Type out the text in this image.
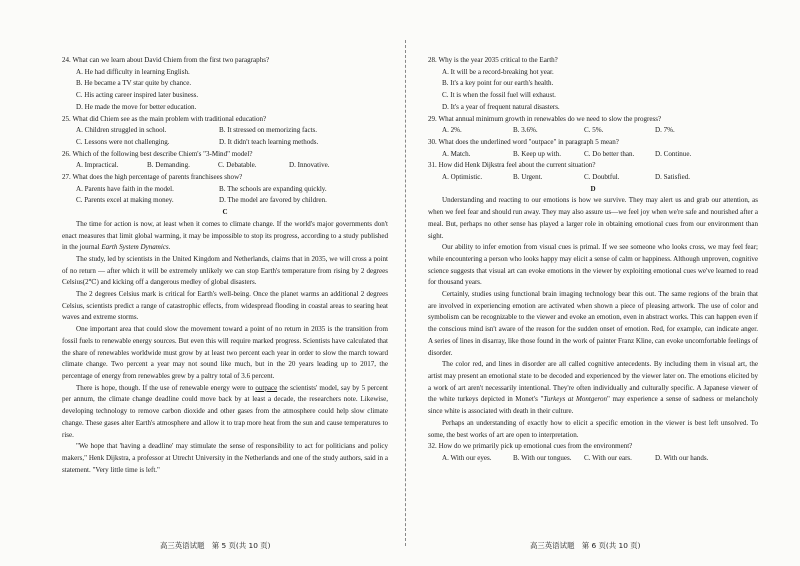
24. What can we learn about David Chiem from the first two paragraphs?

A. He had difficulty in learning English.

B. He became a TV star quite by chance.

C. His acting career inspired later business.

D. He made the move for better education.

25. What did Chiem see as the main problem with traditional education?

A. Children struggled in school.	B. It stressed on memorizing facts.
C. Lessons were not challenging.	D. It didn't teach learning methods.

26. Which of the following best describe Chiem's "3-Mind" model?

A. Impractical.	B. Demanding.	C. Debatable.	D. Innovative.

27. What does the high percentage of parents franchisees show?

A. Parents have faith in the model.	B. The schools are expanding quickly.
C. Parents excel at making money.	D. The model are favored by children.

C

The time for action is now, at least when it comes to climate change. If the world's major governments don't enact measures that limit global warming, it may be impossible to stop its progress, according to a study published in the journal Earth System Dynamics.

The study, led by scientists in the United Kingdom and Netherlands, claims that in 2035, we will cross a point of no return — after which it will be extremely unlikely we can stop Earth's temperature from rising by 2 degrees Celsius(2℃) and kicking off a dangerous medley of global disasters.

The 2 degrees Celsius mark is critical for Earth's well-being. Once the planet warms an additional 2 degrees Celsius, scientists predict a range of catastrophic effects, from widespread flooding in coastal areas to searing heat waves and extreme storms.

One important area that could slow the movement toward a point of no return in 2035 is the transition from fossil fuels to renewable energy sources. But even this will require marked progress. Scientists have calculated that the share of renewables worldwide must grow by at least two percent each year in order to slow the march toward climate change. Two percent a year may not sound like much, but in the 20 years leading up to 2017, the percentage of energy from renewables grew by a paltry total of 3.6 percent.

There is hope, though. If the use of renewable energy were to outpace the scientists' model, say by 5 percent per annum, the climate change deadline could move back by at least a decade, the researchers note. Likewise, developing technology to remove carbon dioxide and other gases from the atmosphere could help slow climate change. These gases alter Earth's atmosphere and allow it to trap more heat from the sun and cause temperatures to rise.

"We hope that 'having a deadline' may stimulate the sense of responsibility to act for politicians and policy makers," Henk Dijkstra, a professor at Utrecht University in the Netherlands and one of the study authors, said in a statement. "Very little time is left."

28. Why is the year 2035 critical to the Earth?

A. It will be a record-breaking hot year.

B. It's a key point for our earth's health.

C. It is when the fossil fuel will exhaust.

D. It's a year of frequent natural disasters.

29. What annual minimum growth in renewables do we need to slow the progress?

A. 2%.	B. 3.6%.	C. 5%.	D. 7%.

30. What does the underlined word "outpace" in paragraph 5 mean?

A. Match.	B. Keep up with.	C. Do better than.	D. Continue.

31. How did Henk Dijkstra feel about the current situation?

A. Optimistic.	B. Urgent.	C. Doubtful.	D. Satisfied.

D

Understanding and reacting to our emotions is how we survive. They may alert us and grab our attention, as when we feel fear and should run away. They may also assure us—we feel joy when we're safe and nourished after a meal. But, perhaps no other sense has played a larger role in obtaining emotional cues from our environment than sight.

Our ability to infer emotion from visual cues is primal. If we see someone who looks cross, we may feel fear; while encountering a person who looks happy may elicit a sense of calm or happiness. Although unproven, cognitive science suggests that visual art can evoke emotions in the viewer by exploiting emotional cues we've learned to read for thousand years.

Certainly, studies using functional brain imaging technology bear this out. The same regions of the brain that are involved in experiencing emotion are activated when shown a piece of pleasing artwork. The use of color and symbolism can be recognizable to the viewer and evoke an emotion, even in abstract works. This can happen even if the conscious mind isn't aware of the reason for the sudden onset of emotion. Red, for example, can indicate anger. A series of lines in disarray, like those found in the work of painter Franz Kline, can evoke uncomfortable feelings of disorder.

The color red, and lines in disorder are all called cognitive antecedents. By including them in visual art, the artist may present an emotional state to be decoded and experienced by the viewer later on. The emotions elicited by a work of art aren't necessarily intentional. They're often individually and culturally specific. A Japanese viewer of the white turkeys depicted in Monet's "Turkeys at Montgeron" may experience a sense of sadness or melancholy since white is associated with death in their culture.

Perhaps an understanding of exactly how to elicit a specific emotion in the viewer is best left unsolved. To some, the best works of art are open to interpretation.

32. How do we primarily pick up emotional cues from the environment?

A. With our eyes.	B. With our tongues.	C. With our ears.	D. With our hands.
高三英语试题　第 5 页(共 10 页)	高三英语试题　第 6 页(共 10 页)
